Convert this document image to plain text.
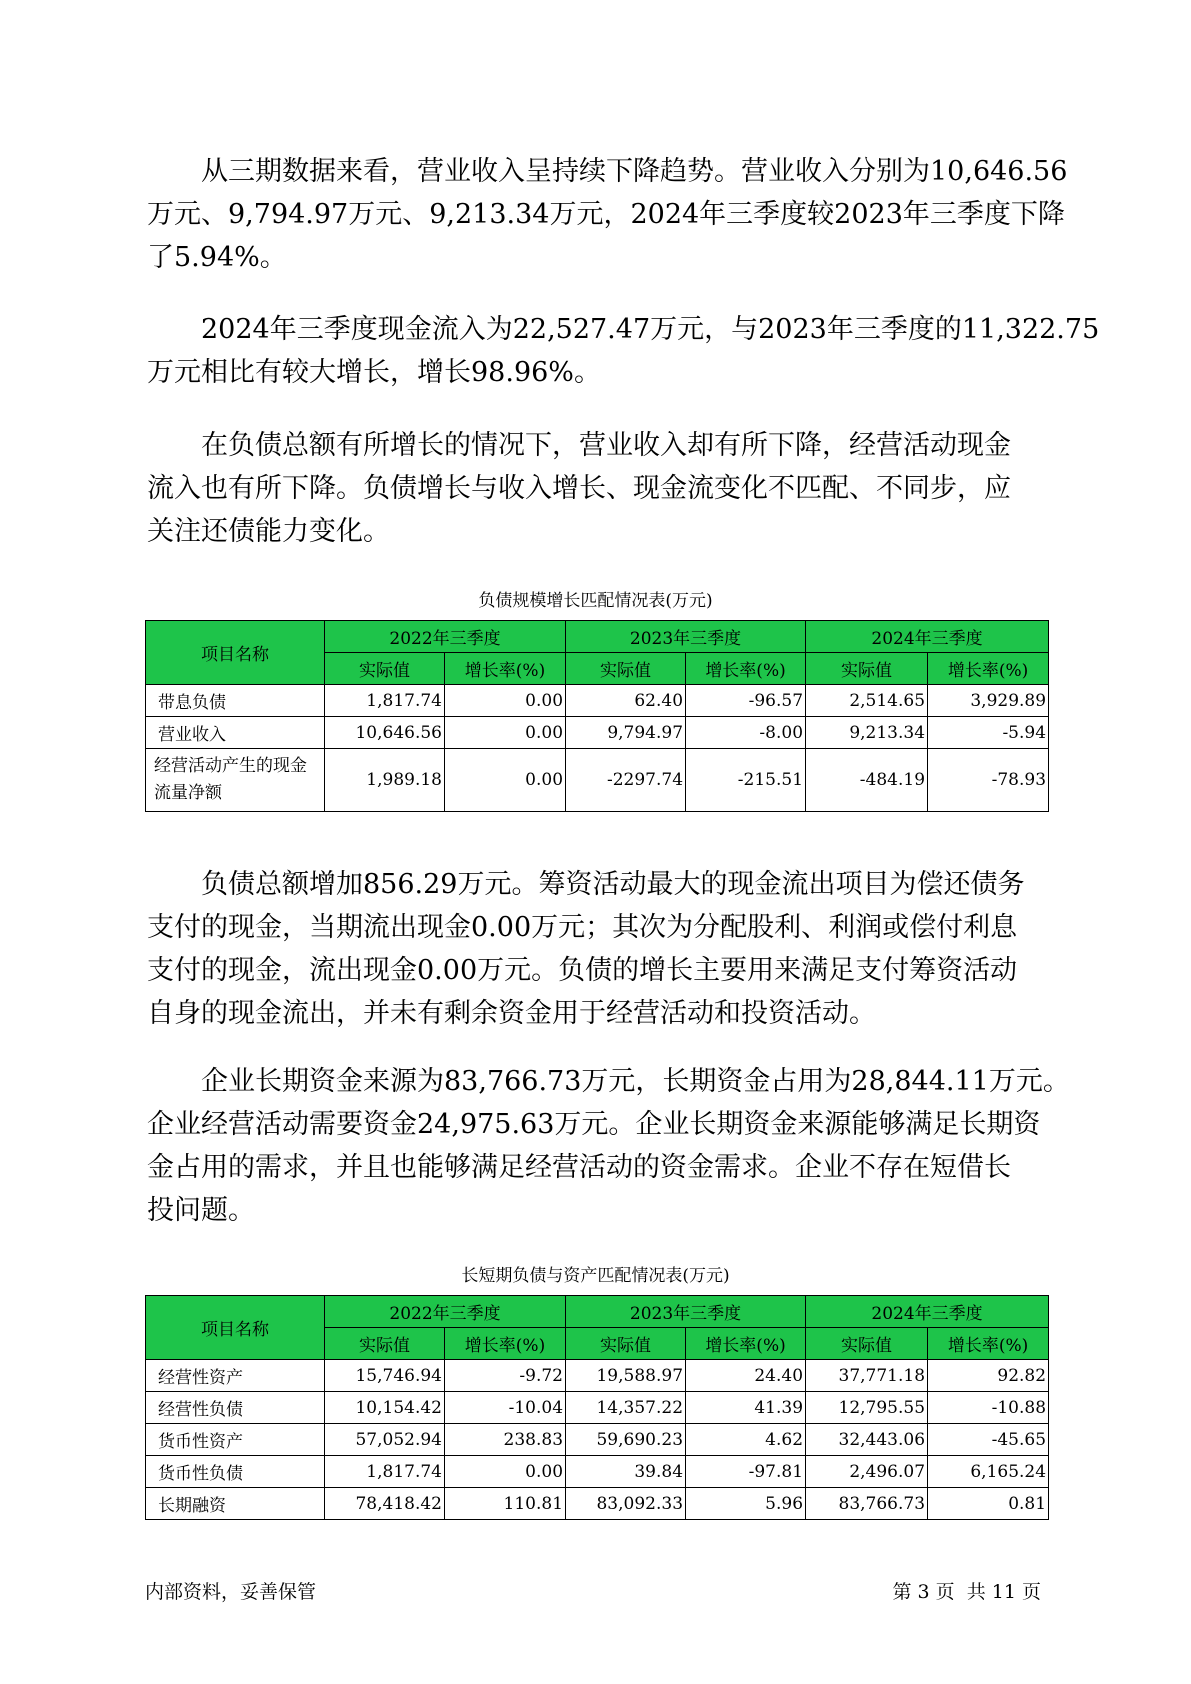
从三期数据来看，营业收入呈持续下降趋势。营业收入分别为10,646.56
万元、9,794.97万元、9,213.34万元，2024年三季度较2023年三季度下降
了5.94%。
2024年三季度现金流入为22,527.47万元，与2023年三季度的11,322.75
万元相比有较大增长，增长98.96%。
在负债总额有所增长的情况下，营业收入却有所下降，经营活动现金
流入也有所下降。负债增长与收入增长、现金流变化不匹配、不同步，应
关注还债能力变化。
负债规模增长匹配情况表(万元)
项目名称	2022年三季度		2023年三季度		2024年三季度	
	实际值	增长率(%)	实际值	增长率(%)	实际值	增长率(%)
带息负债	1,817.74	0.00	62.40	-96.57	2,514.65	3,929.89
营业收入	10,646.56	0.00	9,794.97	-8.00	9,213.34	-5.94
经营活动产生的现金流量净额	1,989.18	0.00	-2297.74	-215.51	-484.19	-78.93
负债总额增加856.29万元。筹资活动最大的现金流出项目为偿还债务
支付的现金，当期流出现金0.00万元；其次为分配股利、利润或偿付利息
支付的现金，流出现金0.00万元。负债的增长主要用来满足支付筹资活动
自身的现金流出，并未有剩余资金用于经营活动和投资活动。
企业长期资金来源为83,766.73万元，长期资金占用为28,844.11万元。
企业经营活动需要资金24,975.63万元。企业长期资金来源能够满足长期资
金占用的需求，并且也能够满足经营活动的资金需求。企业不存在短借长
投问题。
长短期负债与资产匹配情况表(万元)
项目名称	2022年三季度		2023年三季度		2024年三季度	
	实际值	增长率(%)	实际值	增长率(%)	实际值	增长率(%)
经营性资产	15,746.94	-9.72	19,588.97	24.40	37,771.18	92.82
经营性负债	10,154.42	-10.04	14,357.22	41.39	12,795.55	-10.88
货币性资产	57,052.94	238.83	59,690.23	4.62	32,443.06	-45.65
货币性负债	1,817.74	0.00	39.84	-97.81	2,496.07	6,165.24
长期融资	78,418.42	110.81	83,092.33	5.96	83,766.73	0.81
内部资料，妥善保管	第 3 页  共 11 页
